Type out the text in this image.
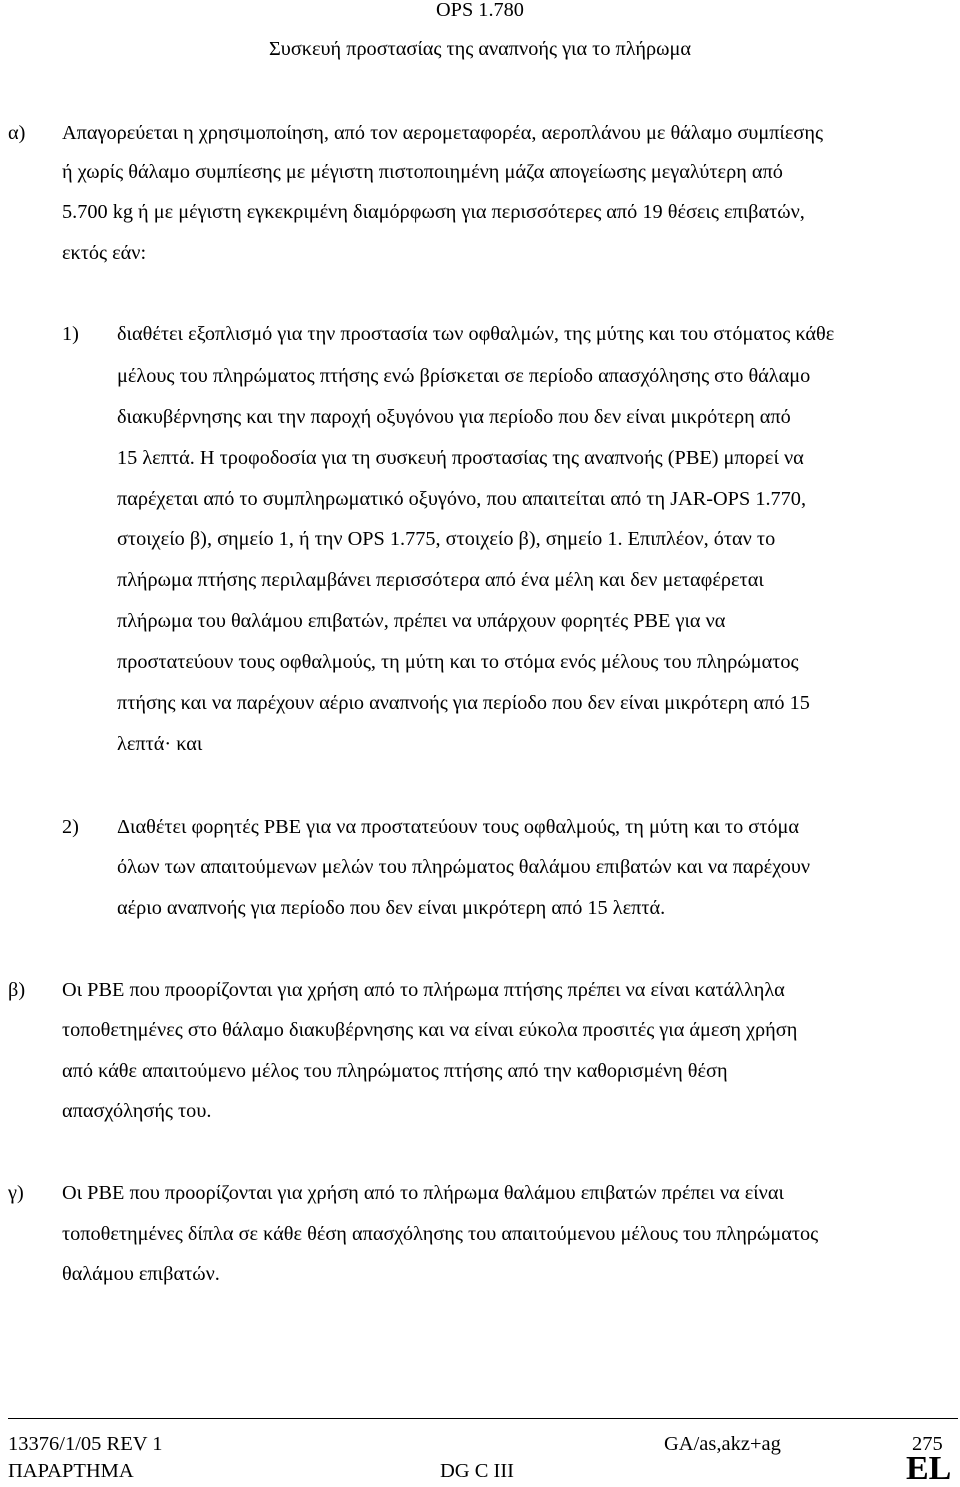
OPS 1.780
Συσκευή προστασίας της αναπνοής για το πλήρωμα
α) Απαγορεύεται η χρησιμοποίηση, από τον αερομεταφορέα, αεροπλάνου με θάλαμο συμπίεσης
ή χωρίς θάλαμο συμπίεσης με μέγιστη πιστοποιημένη μάζα απογείωσης μεγαλύτερη από
5.700 kg ή με μέγιστη εγκεκριμένη διαμόρφωση για περισσότερες από 19 θέσεις επιβατών,
εκτός εάν:
1) διαθέτει εξοπλισμό για την προστασία των οφθαλμών, της μύτης και του στόματος κάθε
μέλους του πληρώματος πτήσης ενώ βρίσκεται σε περίοδο απασχόλησης στο θάλαμο
διακυβέρνησης και την παροχή οξυγόνου για περίοδο που δεν είναι μικρότερη από
15 λεπτά. Η τροφοδοσία για τη συσκευή προστασίας της αναπνοής (PBE) μπορεί να
παρέχεται από το συμπληρωματικό οξυγόνο, που απαιτείται από τη JAR-OPS 1.770,
στοιχείο β), σημείο 1, ή την OPS 1.775, στοιχείο β), σημείο 1. Επιπλέον, όταν το
πλήρωμα πτήσης περιλαμβάνει περισσότερα από ένα μέλη και δεν μεταφέρεται
πλήρωμα του θαλάμου επιβατών, πρέπει να υπάρχουν φορητές PBE για να
προστατεύουν τους οφθαλμούς, τη μύτη και το στόμα ενός μέλους του πληρώματος
πτήσης και να παρέχουν αέριο αναπνοής για περίοδο που δεν είναι μικρότερη από 15
λεπτά· και
2) Διαθέτει φορητές PBE για να προστατεύουν τους οφθαλμούς, τη μύτη και το στόμα
όλων των απαιτούμενων μελών του πληρώματος θαλάμου επιβατών και να παρέχουν
αέριο αναπνοής για περίοδο που δεν είναι μικρότερη από 15 λεπτά.
β) Οι PBE που προορίζονται για χρήση από το πλήρωμα πτήσης πρέπει να είναι κατάλληλα
τοποθετημένες στο θάλαμο διακυβέρνησης και να είναι εύκολα προσιτές για άμεση χρήση
από κάθε απαιτούμενο μέλος του πληρώματος πτήσης από την καθορισμένη θέση
απασχόλησής του.
γ) Οι PBE που προορίζονται για χρήση από το πλήρωμα θαλάμου επιβατών πρέπει να είναι
τοποθετημένες δίπλα σε κάθε θέση απασχόλησης του απαιτούμενου μέλους του πληρώματος
θαλάμου επιβατών.
13376/1/05 REV 1	GA/as,akz+ag	275
ΠΑΡΑΡΤΗΜΑ	DG C III	EL
